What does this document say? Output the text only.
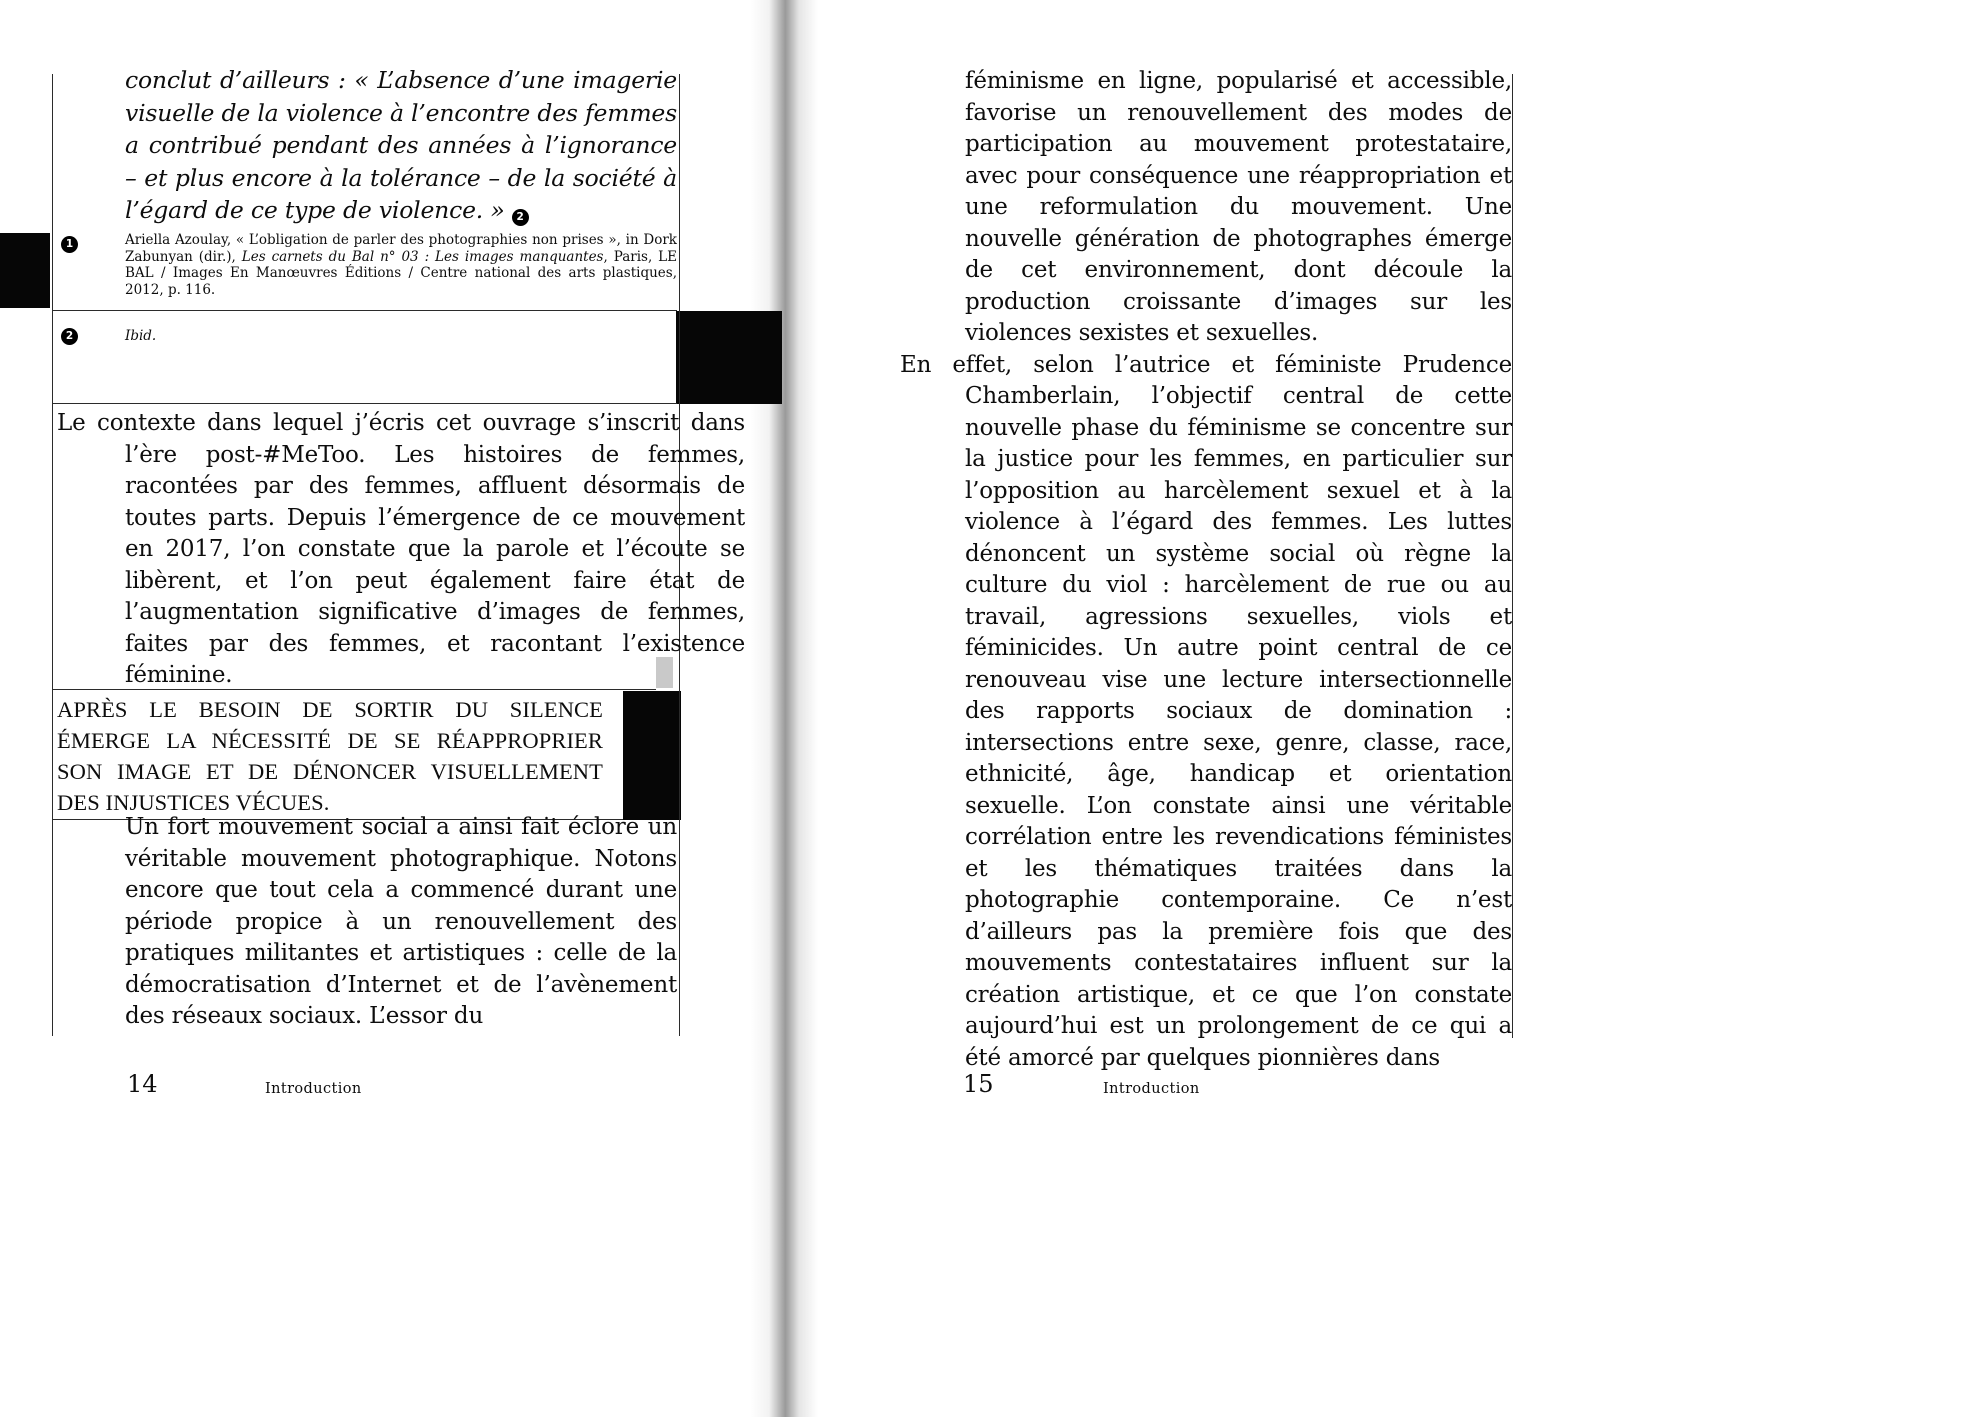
conclut d’ailleurs : « L’absence d’une imagerie visuelle de la violence à l’encontre des femmes a contribué pendant des années à l’ignorance – et plus encore à la tolérance – de la société à l’égard de ce type de violence. » 2
1	Ariella Azoulay, « L’obligation de parler des photographies non prises », in Dork Zabunyan (dir.), Les carnets du Bal n° 03 : Les images manquantes, Paris, LE BAL / Images En Manœuvres Éditions / Centre national des arts plastiques, 2012, p. 116.
2	Ibid.

Le contexte dans lequel j’écris cet ouvrage s’inscrit dans l’ère post-#MeToo. Les histoires de femmes, racontées par des femmes, affluent désormais de toutes parts. Depuis l’émergence de ce mouvement en 2017, l’on constate que la parole et l’écoute se libèrent, et l’on peut également faire état de l’augmentation significative d’images de femmes, faites par des femmes, et racontant l’existence féminine.

APRÈS LE BESOIN DE SORTIR DU SILENCE
ÉMERGE LA NÉCESSITÉ DE SE RÉAPPROPRIER
SON IMAGE ET DE DÉNONCER VISUELLEMENT
DES INJUSTICES VÉCUES.

Un fort mouvement social a ainsi fait éclore un véritable mouvement photographique. Notons encore que tout cela a commencé durant une période propice à un renouvellement des pratiques militantes et artistiques : celle de la démocratisation d’Internet et de l’avènement des réseaux sociaux. L’essor du

14	Introduction

féminisme en ligne, popularisé et accessible, favorise un renouvellement des modes de participation au mouvement protestataire, avec pour conséquence une réappropriation et une reformulation du mouvement. Une nouvelle génération de photographes émerge de cet environnement, dont découle la production croissante d’images sur les violences sexistes et sexuelles.

En effet, selon l’autrice et féministe Prudence Chamberlain, l’objectif central de cette nouvelle phase du féminisme se concentre sur la justice pour les femmes, en particulier sur l’opposition au harcèlement sexuel et à la violence à l’égard des femmes. Les luttes dénoncent un système social où règne la culture du viol : harcèlement de rue ou au travail, agressions sexuelles, viols et féminicides. Un autre point central de ce renouveau vise une lecture intersectionnelle des rapports sociaux de domination : intersections entre sexe, genre, classe, race, ethnicité, âge, handicap et orientation sexuelle. L’on constate ainsi une véritable corrélation entre les revendications féministes et les thématiques traitées dans la photographie contemporaine. Ce n’est d’ailleurs pas la première fois que des mouvements contestataires influent sur la création artistique, et ce que l’on constate aujourd’hui est un prolongement de ce qui a été amorcé par quelques pionnières dans

15	Introduction
